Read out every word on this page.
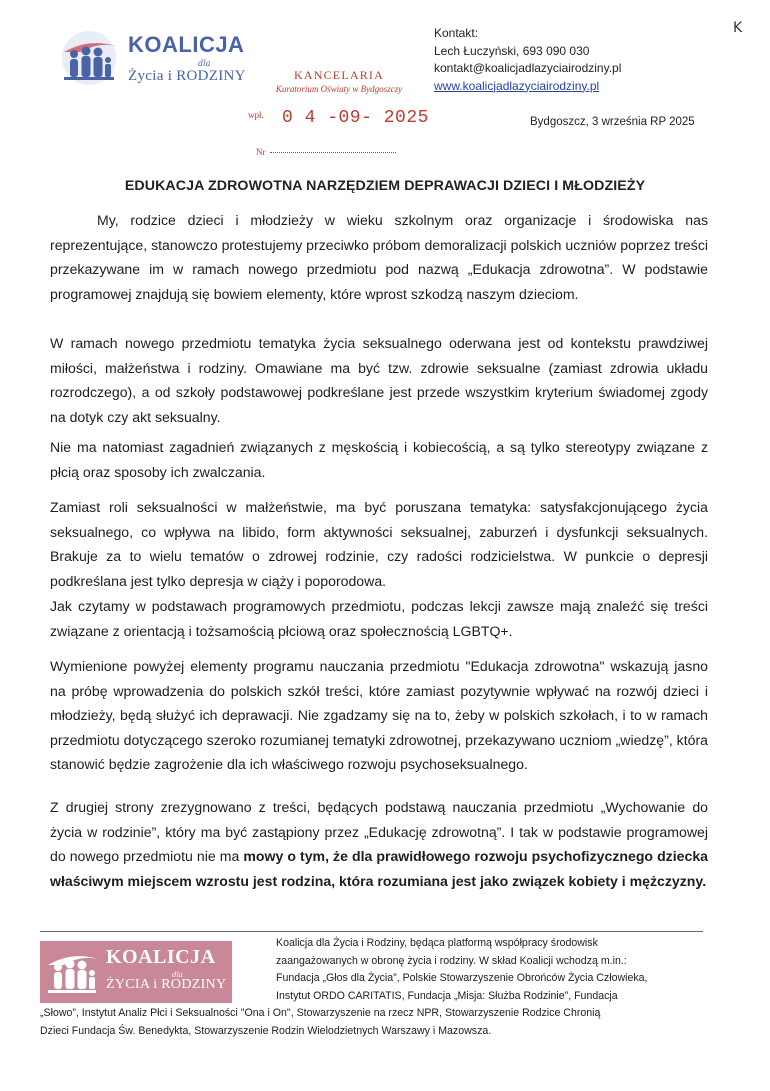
KOALICJA
dla
Życia i RODZINY	KANCELARIA
Kuratorium Oświaty w Bydgoszczy
Kontakt:
Lech Łuczyński, 693 090 030
kontakt@koalicjadlazyciairodziny.pl
www.koalicjadlazyciairodziny.pl
K
wpł. 0 4 -09- 2025
Nr
Bydgoszcz, 3 września RP 2025
EDUKACJA ZDROWOTNA NARZĘDZIEM DEPRAWACJI DZIECI I MŁODZIEŻY
My, rodzice dzieci i młodzieży w wieku szkolnym oraz organizacje i środowiska nas reprezentujące, stanowczo protestujemy przeciwko próbom demoralizacji polskich uczniów poprzez treści przekazywane im w ramach nowego przedmiotu pod nazwą „Edukacja zdrowotna”. W podstawie programowej znajdują się bowiem elementy, które wprost szkodzą naszym dzieciom.
W ramach nowego przedmiotu tematyka życia seksualnego oderwana jest od kontekstu prawdziwej miłości, małżeństwa i rodziny. Omawiane ma być tzw. zdrowie seksualne (zamiast zdrowia układu rozrodczego), a od szkoły podstawowej podkreślane jest przede wszystkim kryterium świadomej zgody na dotyk czy akt seksualny.
Nie ma natomiast zagadnień związanych z męskością i kobiecością, a są tylko stereotypy związane z płcią oraz sposoby ich zwalczania.
Zamiast roli seksualności w małżeństwie, ma być poruszana tematyka: satysfakcjonującego życia seksualnego, co wpływa na libido, form aktywności seksualnej, zaburzeń i dysfunkcji seksualnych. Brakuje za to wielu tematów o zdrowej rodzinie, czy radości rodzicielstwa. W punkcie o depresji podkreślana jest tylko depresja w ciąży i poporodowa.
Jak czytamy w podstawach programowych przedmiotu, podczas lekcji zawsze mają znaleźć się treści związane z orientacją i tożsamością płciową oraz społecznością LGBTQ+.
Wymienione powyżej elementy programu nauczania przedmiotu "Edukacja zdrowotna" wskazują jasno na próbę wprowadzenia do polskich szkół treści, które zamiast pozytywnie wpływać na rozwój dzieci i młodzieży, będą służyć ich deprawacji. Nie zgadzamy się na to, żeby w polskich szkołach, i to w ramach przedmiotu dotyczącego szeroko rozumianej tematyki zdrowotnej, przekazywano uczniom „wiedzę”, która stanowić będzie zagrożenie dla ich właściwego rozwoju psychoseksualnego.
Z drugiej strony zrezygnowano z treści, będących podstawą nauczania przedmiotu „Wychowanie do życia w rodzinie”, który ma być zastąpiony przez „Edukację zdrowotną”. I tak w podstawie programowej do nowego przedmiotu nie ma mowy o tym, że dla prawidłowego rozwoju psychofizycznego dziecka właściwym miejscem wzrostu jest rodzina, która rozumiana jest jako związek kobiety i mężczyzny.
KOALICJA
dla
ŻYCIA i RODZINY
Koalicja dla Życia i Rodziny, będąca platformą współpracy środowisk
zaangażowanych w obronę życia i rodziny. W skład Koalicji wchodzą m.in.:
Fundacja „Głos dla Życia”, Polskie Stowarzyszenie Obrońców Życia Człowieka,
Instytut ORDO CARITATIS, Fundacja „Misja: Służba Rodzinie”, Fundacja
„Słowo”, Instytut Analiz Płci i Seksualności "Ona i On", Stowarzyszenie na rzecz NPR, Stowarzyszenie Rodzice Chronią
Dzieci Fundacja Św. Benedykta, Stowarzyszenie Rodzin Wielodzietnych Warszawy i Mazowsza.
